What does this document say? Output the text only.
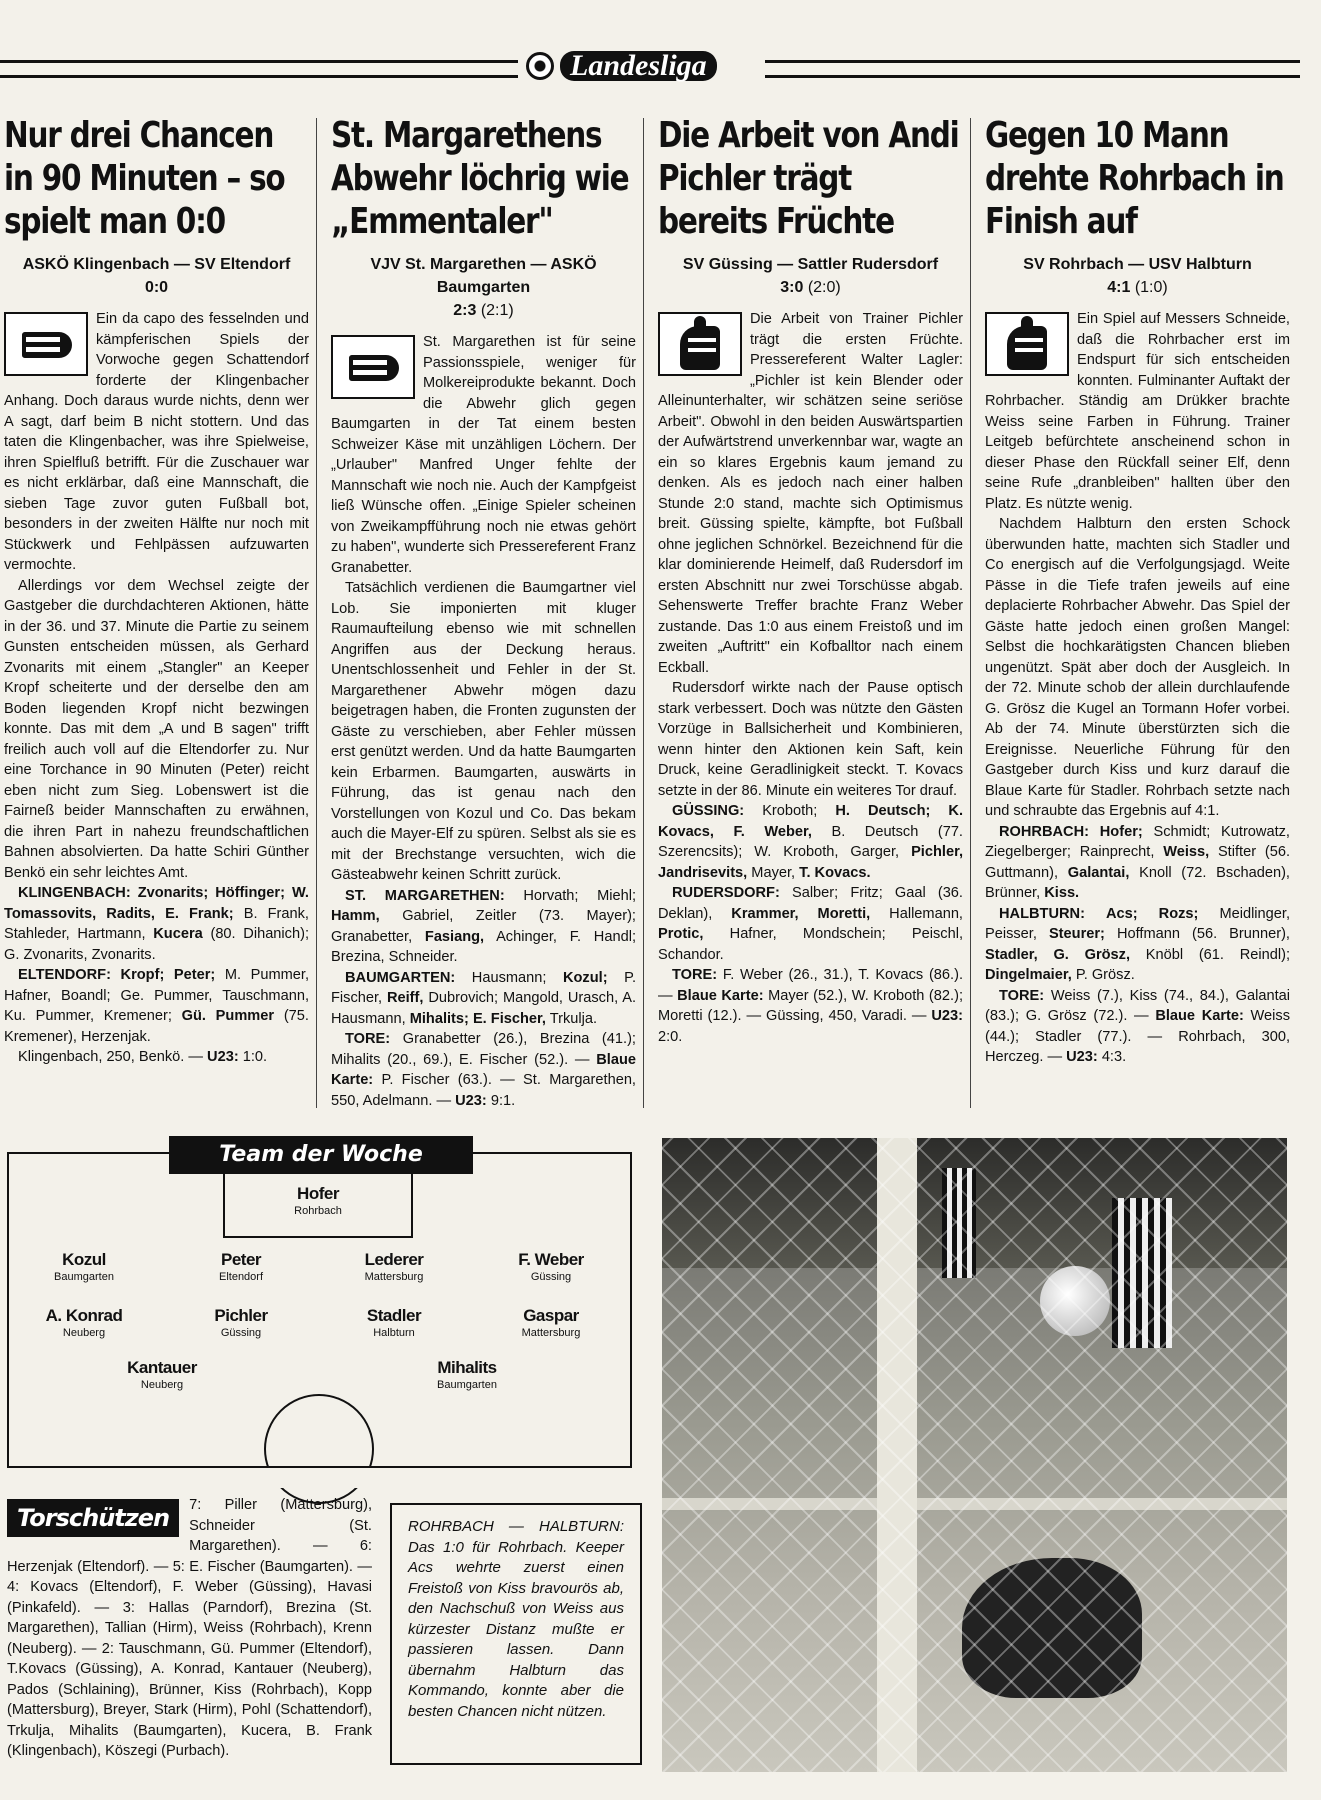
Landesliga
Nur drei Chancen in 90 Minuten – so spielt man 0:0
ASKÖ Klingenbach — SV Eltendorf
0:0

Ein da capo des fesselnden und kämpferischen Spiels der Vorwoche gegen Schattendorf forderte der Klingenbacher Anhang. Doch daraus wurde nichts, denn wer A sagt, darf beim B nicht stottern. Und das taten die Klingenbacher, was ihre Spielweise, ihren Spielfluß betrifft. Für die Zuschauer war es nicht erklärbar, daß eine Mannschaft, die sieben Tage zuvor guten Fußball bot, besonders in der zweiten Hälfte nur noch mit Stückwerk und Fehlpässen aufzuwarten vermochte.

Allerdings vor dem Wechsel zeigte der Gastgeber die durchdachteren Aktionen, hätte in der 36. und 37. Minute die Partie zu seinem Gunsten entscheiden müssen, als Gerhard Zvonarits mit einem „Stangler" an Keeper Kropf scheiterte und der derselbe den am Boden liegenden Kropf nicht bezwingen konnte. Das mit dem „A und B sagen" trifft freilich auch voll auf die Eltendorfer zu. Nur eine Torchance in 90 Minuten (Peter) reicht eben nicht zum Sieg. Lobenswert ist die Fairneß beider Mannschaften zu erwähnen, die ihren Part in nahezu freundschaftlichen Bahnen absolvierten. Da hatte Schiri Günther Benkö ein sehr leichtes Amt.

KLINGENBACH: Zvonarits; Höffinger; W. Tomassovits, Radits, E. Frank; B. Frank, Stahleder, Hartmann, Kucera (80. Dihanich); G. Zvonarits, Zvonarits.

ELTENDORF: Kropf; Peter; M. Pummer, Hafner, Boandl; Ge. Pummer, Tauschmann, Ku. Pummer, Kremener; Gü. Pummer (75. Kremener), Herzenjak.

Klingenbach, 250, Benkö. — U23: 1:0.

St. Margarethens Abwehr löchrig wie „Emmentaler"
VJV St. Margarethen — ASKÖ Baumgarten
2:3 (2:1)

St. Margarethen ist für seine Passionsspiele, weniger für Molkereiprodukte bekannt. Doch die Abwehr glich gegen Baumgarten in der Tat einem besten Schweizer Käse mit unzähligen Löchern. Der „Urlauber" Manfred Unger fehlte der Mannschaft wie noch nie. Auch der Kampfgeist ließ Wünsche offen. „Einige Spieler scheinen von Zweikampfführung noch nie etwas gehört zu haben", wunderte sich Pressereferent Franz Granabetter.

Tatsächlich verdienen die Baumgartner viel Lob. Sie imponierten mit kluger Raumaufteilung ebenso wie mit schnellen Angriffen aus der Deckung heraus. Unentschlossenheit und Fehler in der St. Margarethener Abwehr mögen dazu beigetragen haben, die Fronten zugunsten der Gäste zu verschieben, aber Fehler müssen erst genützt werden. Und da hatte Baumgarten kein Erbarmen. Baumgarten, auswärts in Führung, das ist genau nach den Vorstellungen von Kozul und Co. Das bekam auch die Mayer-Elf zu spüren. Selbst als sie es mit der Brechstange versuchten, wich die Gästeabwehr keinen Schritt zurück.

ST. MARGARETHEN: Horvath; Miehl; Hamm, Gabriel, Zeitler (73. Mayer); Granabetter, Fasiang, Achinger, F. Handl; Brezina, Schneider.

BAUMGARTEN: Hausmann; Kozul; P. Fischer, Reiff, Dubrovich; Mangold, Urasch, A. Hausmann, Mihalits; E. Fischer, Trkulja.

TORE: Granabetter (26.), Brezina (41.); Mihalits (20., 69.), E. Fischer (52.). — Blaue Karte: P. Fischer (63.). — St. Margarethen, 550, Adelmann. — U23: 9:1.

Die Arbeit von Andi Pichler trägt bereits Früchte
SV Güssing — Sattler Rudersdorf
3:0 (2:0)

Die Arbeit von Trainer Pichler trägt die ersten Früchte. Pressereferent Walter Lagler: „Pichler ist kein Blender oder Alleinunterhalter, wir schätzen seine seriöse Arbeit". Obwohl in den beiden Auswärtspartien der Aufwärtstrend unverkennbar war, wagte an ein so klares Ergebnis kaum jemand zu denken. Als es jedoch nach einer halben Stunde 2:0 stand, machte sich Optimismus breit. Güssing spielte, kämpfte, bot Fußball ohne jeglichen Schnörkel. Bezeichnend für die klar dominierende Heimelf, daß Rudersdorf im ersten Abschnitt nur zwei Torschüsse abgab. Sehenswerte Treffer brachte Franz Weber zustande. Das 1:0 aus einem Freistoß und im zweiten „Auftritt" ein Kofballtor nach einem Eckball.

Rudersdorf wirkte nach der Pause optisch stark verbessert. Doch was nützte den Gästen Vorzüge in Ballsicherheit und Kombinieren, wenn hinter den Aktionen kein Saft, kein Druck, keine Geradlinigkeit steckt. T. Kovacs setzte in der 86. Minute ein weiteres Tor drauf.

GÜSSING: Kroboth; H. Deutsch; K. Kovacs, F. Weber, B. Deutsch (77. Szerencsits); W. Kroboth, Garger, Pichler, Jandrisevits, Mayer, T. Kovacs.

RUDERSDORF: Salber; Fritz; Gaal (36. Deklan), Krammer, Moretti, Hallemann, Protic, Hafner, Mondschein; Peischl, Schandor.

TORE: F. Weber (26., 31.), T. Kovacs (86.). — Blaue Karte: Mayer (52.), W. Kroboth (82.); Moretti (12.). — Güssing, 450, Varadi. — U23: 2:0.

Gegen 10 Mann drehte Rohrbach in Finish auf
SV Rohrbach — USV Halbturn
4:1 (1:0)

Ein Spiel auf Messers Schneide, daß die Rohrbacher erst im Endspurt für sich entscheiden konnten. Fulminanter Auftakt der Rohrbacher. Ständig am Drükker brachte Weiss seine Farben in Führung. Trainer Leitgeb befürchtete anscheinend schon in dieser Phase den Rückfall seiner Elf, denn seine Rufe „dranbleiben" hallten über den Platz. Es nützte wenig.

Nachdem Halbturn den ersten Schock überwunden hatte, machten sich Stadler und Co energisch auf die Verfolgungsjagd. Weite Pässe in die Tiefe trafen jeweils auf eine deplacierte Rohrbacher Abwehr. Das Spiel der Gäste hatte jedoch einen großen Mangel: Selbst die hochkarätigsten Chancen blieben ungenützt. Spät aber doch der Ausgleich. In der 72. Minute schob der allein durchlaufende G. Grösz die Kugel an Tormann Hofer vorbei. Ab der 74. Minute überstürzten sich die Ereignisse. Neuerliche Führung für den Gastgeber durch Kiss und kurz darauf die Blaue Karte für Stadler. Rohrbach setzte nach und schraubte das Ergebnis auf 4:1.

ROHRBACH: Hofer; Schmidt; Kutrowatz, Ziegelberger; Rainprecht, Weiss, Stifter (56. Guttmann), Galantai, Knoll (72. Bschaden), Brünner, Kiss.

HALBTURN: Acs; Rozs; Meidlinger, Peisser, Steurer; Hoffmann (56. Brunner), Stadler, G. Grösz, Knöbl (61. Reindl); Dingelmaier, P. Grösz.

TORE: Weiss (7.), Kiss (74., 84.), Galantai (83.); G. Grösz (72.). — Blaue Karte: Weiss (44.); Stadler (77.). — Rohrbach, 300, Herczeg. — U23: 4:3.

Team der Woche
Hofer
Rohrbach
Kozul
Baumgarten
Peter
Eltendorf
Lederer
Mattersburg
F. Weber
Güssing
A. Konrad
Neuberg
Pichler
Güssing
Stadler
Halbturn
Gaspar
Mattersburg
Kantauer
Neuberg
Mihalits
Baumgarten
Torschützen	7: Piller (Mattersburg), Schneider (St. Margarethen). — 6: Herzenjak (Eltendorf). — 5: E. Fischer (Baumgarten). — 4: Kovacs (Eltendorf), F. Weber (Güssing), Havasi (Pinkafeld). — 3: Hallas (Parndorf), Brezina (St. Margarethen), Tallian (Hirm), Weiss (Rohrbach), Krenn (Neuberg). — 2: Tauschmann, Gü. Pummer (Eltendorf), T.Kovacs (Güssing), A. Konrad, Kantauer (Neuberg), Pados (Schlaining), Brünner, Kiss (Rohrbach), Kopp (Mattersburg), Breyer, Stark (Hirm), Pohl (Schattendorf), Trkulja, Mihalits (Baumgarten), Kucera, B. Frank (Klingenbach), Köszegi (Purbach).
ROHRBACH — HALBTURN: Das 1:0 für Rohrbach. Keeper Acs wehrte zuerst einen Freistoß von Kiss bravourös ab, den Nachschuß von Weiss aus kürzester Distanz mußte er passieren lassen. Dann übernahm Halbturn das Kommando, konnte aber die besten Chancen nicht nützen.
